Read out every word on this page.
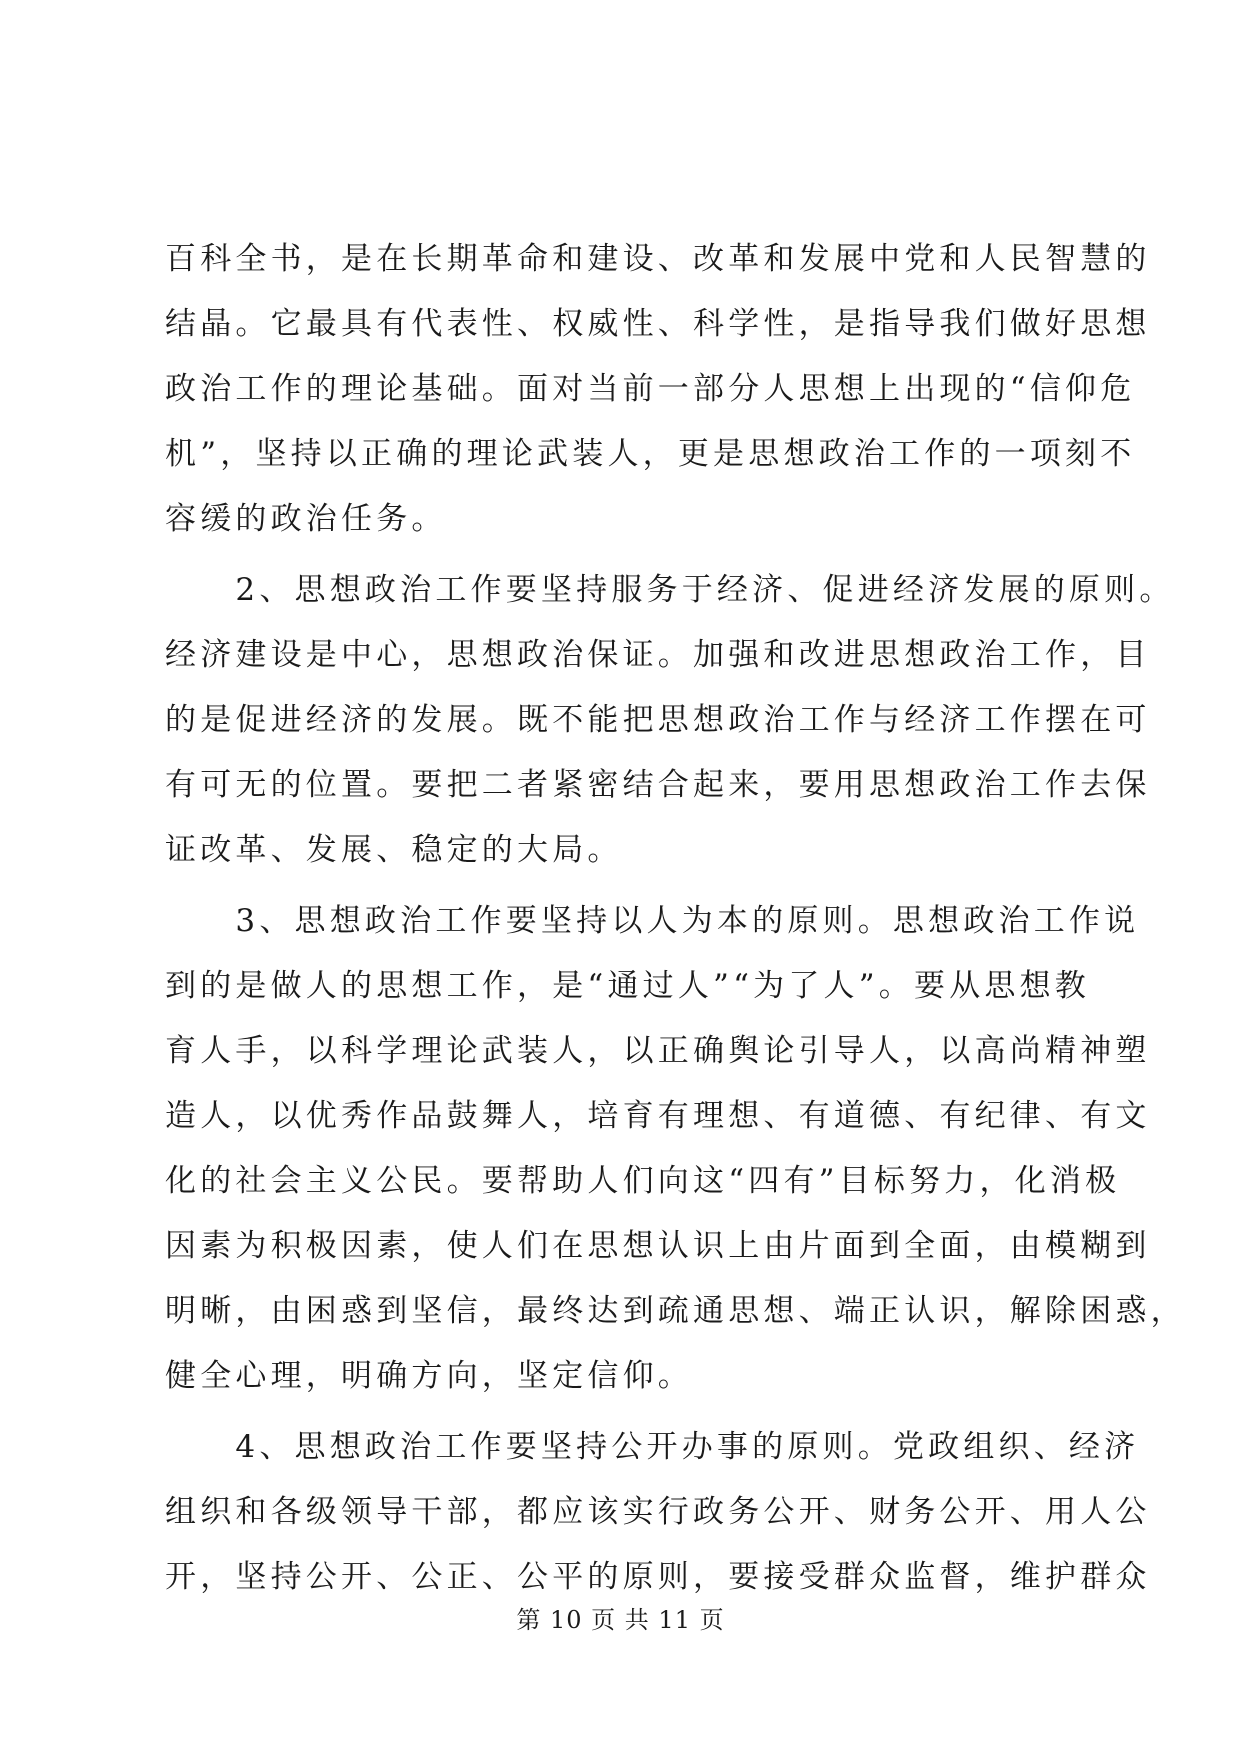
百科全书，是在长期革命和建设、改革和发展中党和人民智慧的
结晶。它最具有代表性、权威性、科学性，是指导我们做好思想
政治工作的理论基础。面对当前一部分人思想上出现的“信仰危
机”，坚持以正确的理论武装人，更是思想政治工作的一项刻不
容缓的政治任务。
　　2、思想政治工作要坚持服务于经济、促进经济发展的原则。
经济建设是中心，思想政治保证。加强和改进思想政治工作，目
的是促进经济的发展。既不能把思想政治工作与经济工作摆在可
有可无的位置。要把二者紧密结合起来，要用思想政治工作去保
证改革、发展、稳定的大局。
　　3、思想政治工作要坚持以人为本的原则。思想政治工作说
到的是做人的思想工作，是“通过人”“为了人”。要从思想教
育人手，以科学理论武装人，以正确舆论引导人，以高尚精神塑
造人，以优秀作品鼓舞人，培育有理想、有道德、有纪律、有文
化的社会主义公民。要帮助人们向这“四有”目标努力，化消极
因素为积极因素，使人们在思想认识上由片面到全面，由模糊到
明晰，由困惑到坚信，最终达到疏通思想、端正认识，解除困惑，
健全心理，明确方向，坚定信仰。
　　4、思想政治工作要坚持公开办事的原则。党政组织、经济
组织和各级领导干部，都应该实行政务公开、财务公开、用人公
开，坚持公开、公正、公平的原则，要接受群众监督，维护群众
第 10 页 共 11 页
